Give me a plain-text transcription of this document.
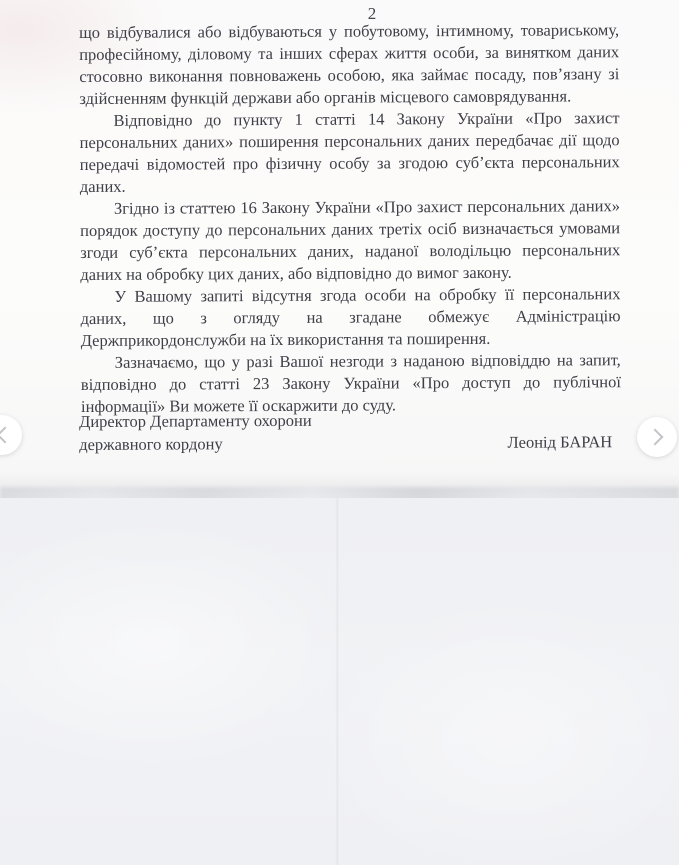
2

що відбувалися або відбуваються у побутовому, інтимному, товариському, професійному, діловому та інших сферах життя особи, за винятком даних стосовно виконання повноважень особою, яка займає посаду, пов’язану зі здійсненням функцій держави або органів місцевого самоврядування.

Відповідно до пункту 1 статті 14 Закону України «Про захист персональних даних» поширення персональних даних передбачає дії щодо передачі відомостей про фізичну особу за згодою суб’єкта персональних даних.

Згідно із статтею 16 Закону України «Про захист персональних даних» порядок доступу до персональних даних третіх осіб визначається умовами згоди суб’єкта персональних даних, наданої володільцю персональних даних на обробку цих даних, або відповідно до вимог закону.

У Вашому запиті відсутня згода особи на обробку її персональних даних, що з огляду на згадане обмежує Адміністрацію Держприкордонслужби на їх використання та поширення.

Зазначаємо, що у разі Вашої незгоди з наданою відповіддю на запит, відповідно до статті 23 Закону України «Про доступ до публічної інформації» Ви можете її оскаржити до суду.

Директор Департаменту охорони
державного кордону	Леонід БАРАН
